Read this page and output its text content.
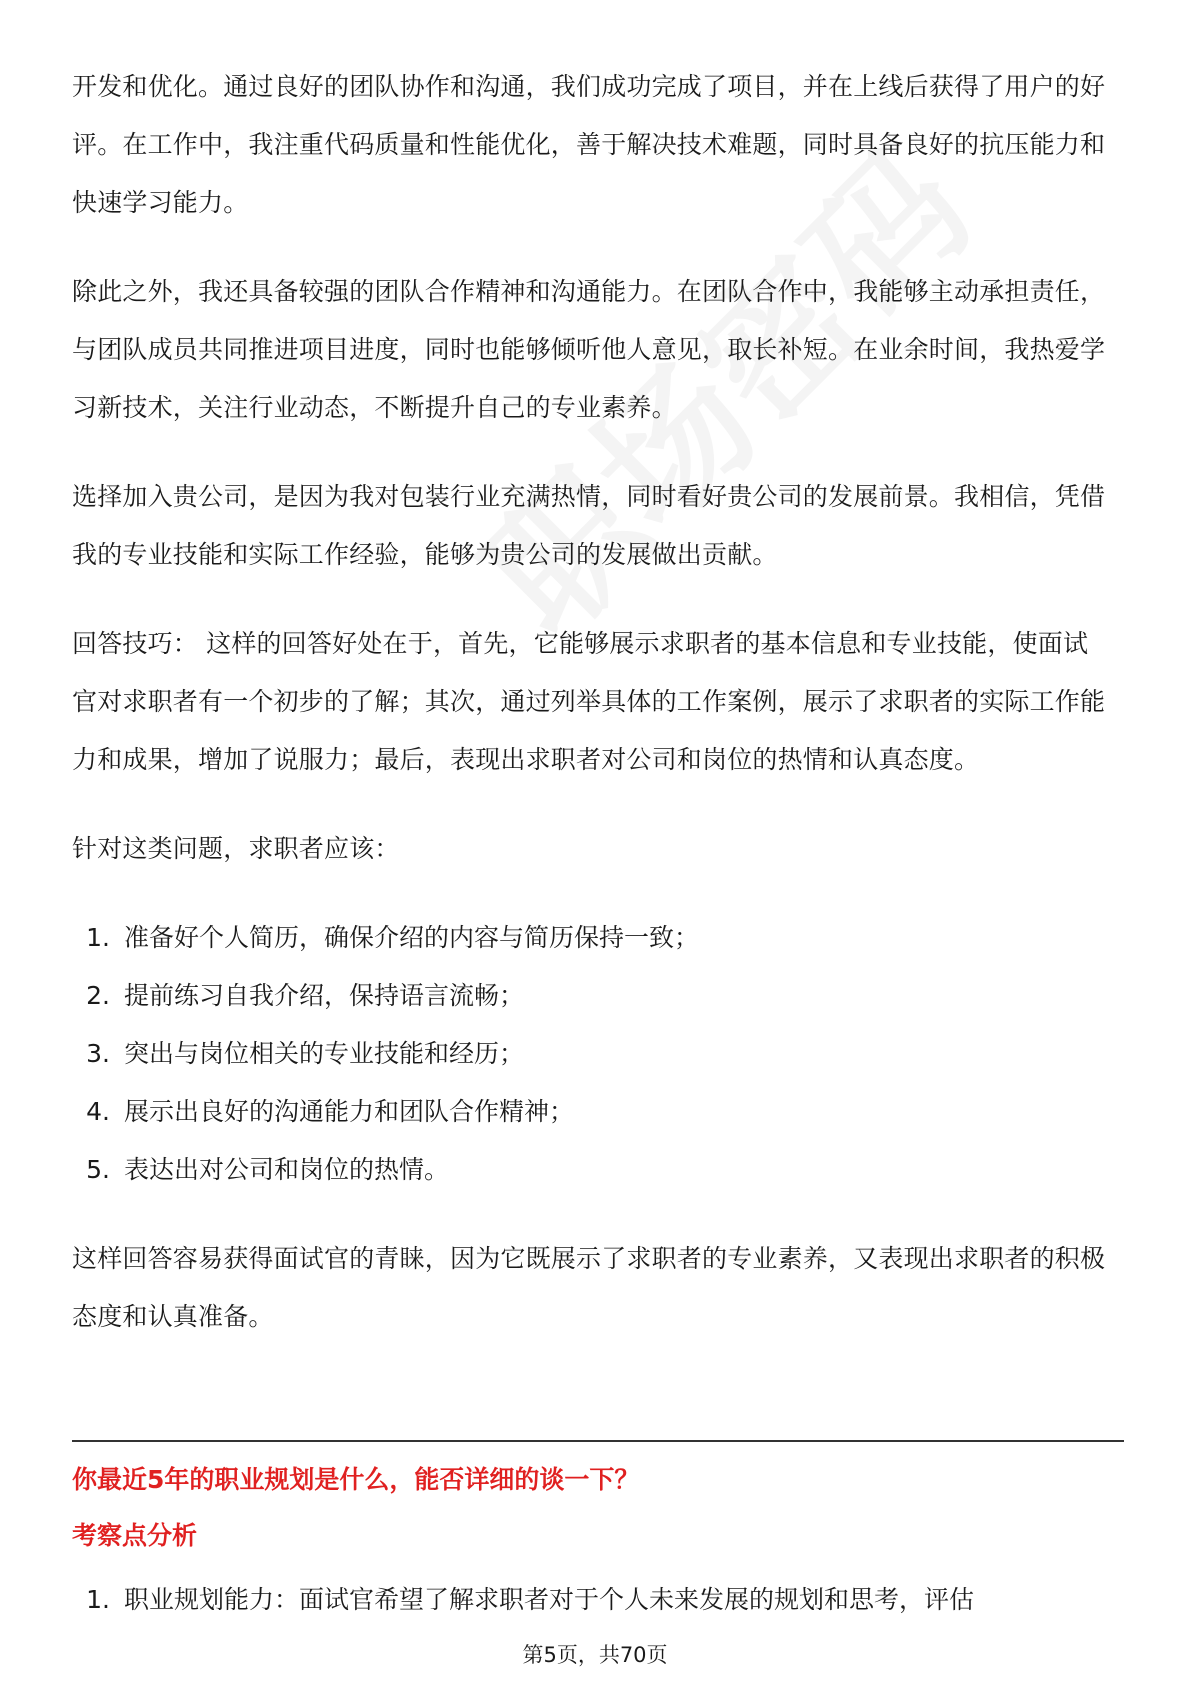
开发和优化。通过良好的团队协作和沟通，我们成功完成了项目，并在上线后获得了用户的好评。在工作中，我注重代码质量和性能优化，善于解决技术难题，同时具备良好的抗压能力和快速学习能力。

除此之外，我还具备较强的团队合作精神和沟通能力。在团队合作中，我能够主动承担责任，与团队成员共同推进项目进度，同时也能够倾听他人意见，取长补短。在业余时间，我热爱学习新技术，关注行业动态，不断提升自己的专业素养。

选择加入贵公司，是因为我对包装行业充满热情，同时看好贵公司的发展前景。我相信，凭借我的专业技能和实际工作经验，能够为贵公司的发展做出贡献。

回答技巧： 这样的回答好处在于，首先，它能够展示求职者的基本信息和专业技能，使面试官对求职者有一个初步的了解；其次，通过列举具体的工作案例，展示了求职者的实际工作能力和成果，增加了说服力；最后，表现出求职者对公司和岗位的热情和认真态度。

针对这类问题，求职者应该：

1. 准备好个人简历，确保介绍的内容与简历保持一致；
2. 提前练习自我介绍，保持语言流畅；
3. 突出与岗位相关的专业技能和经历；
4. 展示出良好的沟通能力和团队合作精神；
5. 表达出对公司和岗位的热情。

这样回答容易获得面试官的青睐，因为它既展示了求职者的专业素养，又表现出求职者的积极态度和认真准备。

你最近5年的职业规划是什么，能否详细的谈一下？
考察点分析
1. 职业规划能力：面试官希望了解求职者对于个人未来发展的规划和思考，评估
第5页，共70页
